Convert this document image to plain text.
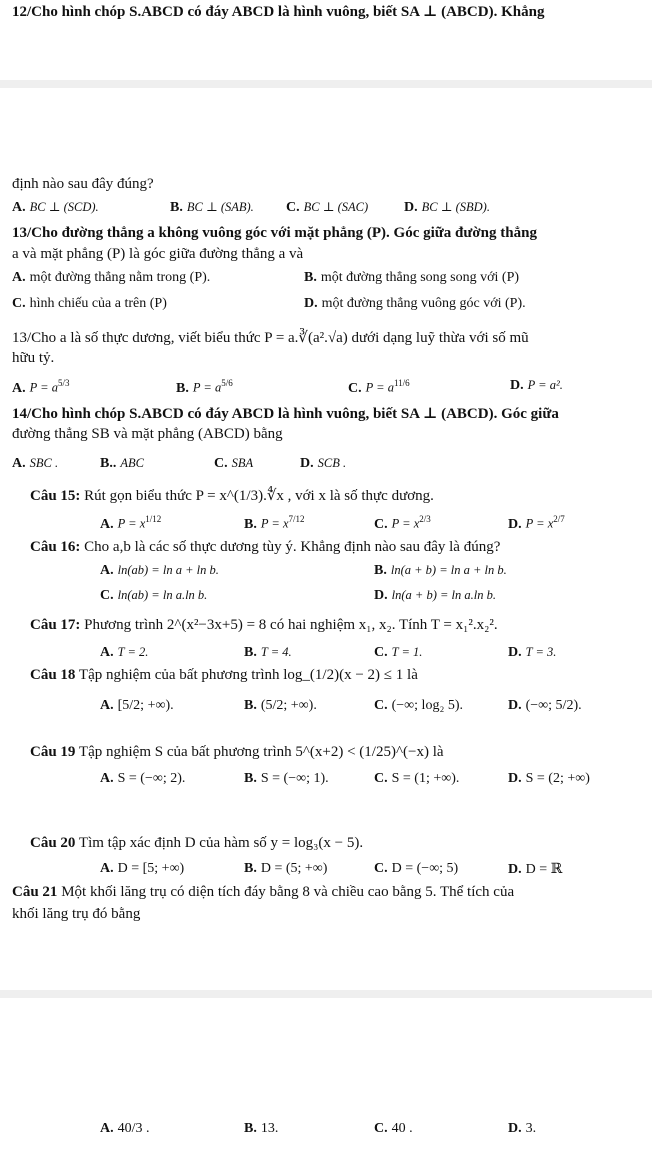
12/Cho hình chóp S.ABCD có đáy ABCD là hình vuông, biết SA ⊥ (ABCD). Khẳng
định nào sau đây đúng?
A. BC ⊥ (SCD).	B. BC ⊥ (SAB). C. BC ⊥ (SAC)	D. BC ⊥ (SBD).
13/Cho đường thẳng a không vuông góc với mặt phẳng (P). Góc giữa đường thẳng
a và mặt phẳng (P) là góc giữa đường thẳng a và
A. một đường thẳng nằm trong (P).	B. một đường thẳng song song với (P)
C. hình chiếu của a trên (P)	D. một đường thẳng vuông góc với (P).
13/Cho a là số thực dương, viết biểu thức P = a.∛(a².√a) dưới dạng luỹ thừa với số mũ
hữu tỷ.
A. $P = a^{5/3}$	B. $P = a^{5/6}$	C. $P = a^{11/6}$	D. P = a².
14/Cho hình chóp S.ABCD có đáy ABCD là hình vuông, biết SA ⊥ (ABCD). Góc giữa
đường thẳng SB và mặt phẳng (ABCD) bằng
A. SBC .	B.. ABC	C. SBA	D. SCB .
Câu 15: Rút gọn biểu thức P = x^(1/3).∜x , với x là số thực dương.
A. $P = x^{1/12}$	B. $P = x^{7/12}$	C. $P = x^{2/3}$	D. $P = x^{2/7}$
Câu 16: Cho a,b là các số thực dương tùy ý. Khẳng định nào sau đây là đúng?
A. ln(ab) = ln a + ln b.	B. ln(a + b) = ln a + ln b.
C. ln(ab) = ln a.ln b.	D. ln(a + b) = ln a.ln b.
Câu 17: Phương trình 2^(x²−3x+5) = 8 có hai nghiệm x₁, x₂. Tính T = x₁².x₂².
A. T = 2.	B. T = 4.	C. T = 1.	D. T = 3.
Câu 18 Tập nghiệm của bất phương trình log_(1/2)(x − 2) ≤ 1 là
A. [5/2; +∞).	B. (5/2; +∞).	C. (−∞; log₂ 5).	D. (−∞; 5/2).
Câu 19 Tập nghiệm S của bất phương trình 5^(x+2) < (1/25)^(−x) là
A. S = (−∞; 2).	B. S = (−∞; 1).	C. S = (1; +∞).	D. S = (2; +∞)
Câu 20 Tìm tập xác định D của hàm số y = log₃(x − 5).
A. D = [5; +∞)	B. D = (5; +∞)	C. D = (−∞; 5)	D. D = ℝ
Câu 21 Một khối lăng trụ có diện tích đáy bằng 8 và chiều cao bằng 5. Thể tích của
khối lăng trụ đó bằng
A. 40/3 .	B. 13.	C. 40 .	D. 3.
